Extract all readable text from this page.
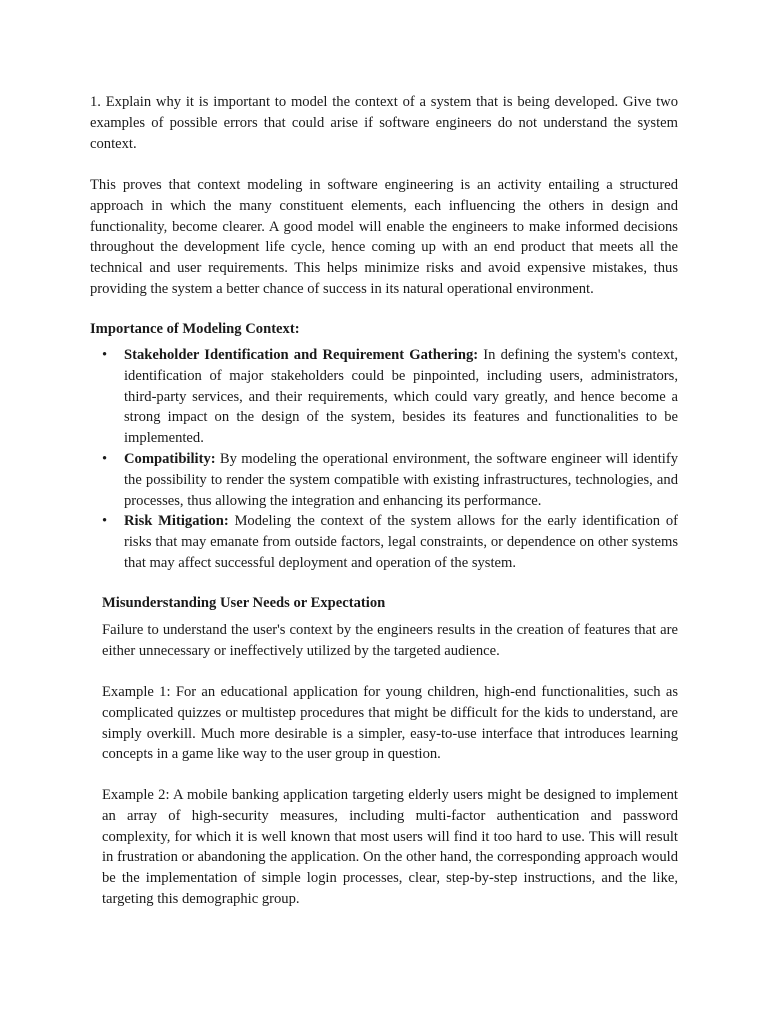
1. Explain why it is important to model the context of a system that is being developed. Give two examples of possible errors that could arise if software engineers do not understand the system context.

This proves that context modeling in software engineering is an activity entailing a structured approach in which the many constituent elements, each influencing the others in design and functionality, become clearer. A good model will enable the engineers to make informed decisions throughout the development life cycle, hence coming up with an end product that meets all the technical and user requirements. This helps minimize risks and avoid expensive mistakes, thus providing the system a better chance of success in its natural operational environment.

Importance of Modeling Context:

• Stakeholder Identification and Requirement Gathering: In defining the system's context, identification of major stakeholders could be pinpointed, including users, administrators, third-party services, and their requirements, which could vary greatly, and hence become a strong impact on the design of the system, besides its features and functionalities to be implemented.
• Compatibility: By modeling the operational environment, the software engineer will identify the possibility to render the system compatible with existing infrastructures, technologies, and processes, thus allowing the integration and enhancing its performance.
• Risk Mitigation: Modeling the context of the system allows for the early identification of risks that may emanate from outside factors, legal constraints, or dependence on other systems that may affect successful deployment and operation of the system.

Misunderstanding User Needs or Expectation

Failure to understand the user's context by the engineers results in the creation of features that are either unnecessary or ineffectively utilized by the targeted audience.

Example 1: For an educational application for young children, high-end functionalities, such as complicated quizzes or multistep procedures that might be difficult for the kids to understand, are simply overkill. Much more desirable is a simpler, easy-to-use interface that introduces learning concepts in a game like way to the user group in question.

Example 2: A mobile banking application targeting elderly users might be designed to implement an array of high-security measures, including multi-factor authentication and password complexity, for which it is well known that most users will find it too hard to use. This will result in frustration or abandoning the application. On the other hand, the corresponding approach would be the implementation of simple login processes, clear, step-by-step instructions, and the like, targeting this demographic group.
